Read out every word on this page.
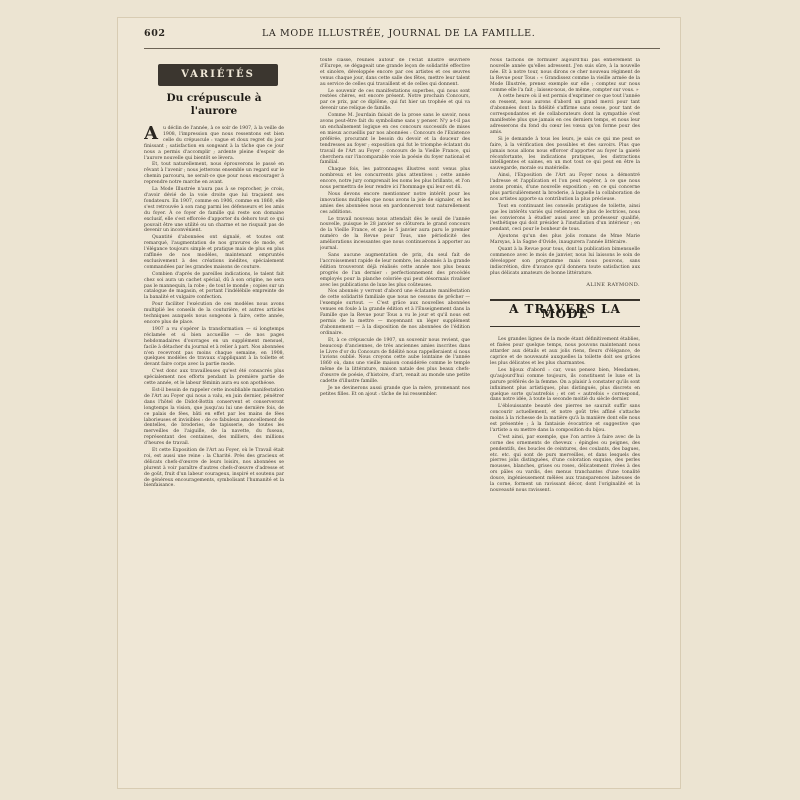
602	LA MODE ILLUSTRÉE, JOURNAL DE LA FAMILLE.
VARIÉTÉS
Du crépuscule à l'aurore
A	u déclin de l'année, à ce soir de 1907, à la veille de 1908, l'impression que nous ressentons est bien celle du crépuscule : vague et doux regret du jour finissant ; satisfaction en songeant à la tâche que ce jour nous a permis d'accomplir ; ardente pleine d'espoir de l'aurore nouvelle qui bientôt se lèvera.

Et, tout naturellement, nous éprouverons le passé en rêvant à l'avenir ; nous jetterons ensemble un regard sur le chemin parcouru, ne serait-ce que pour nous encourager à reprendre notre marche en avant.

La Mode Illustrée n'aura pas à se reprocher, je crois, d'avoir dévié de la voie droite que lui traçaient ses fondateurs. En 1907, comme en 1906, comme en 1860, elle s'est retrouvée à son rang parmi les défenseurs et les amis du foyer. À ce foyer de famille qui reste son domaine exclusif, elle s'est efforcée d'apporter du dehors tout ce qui pouvait être une utilité ou un charme et ne risquait pas de devenir un inconvénient.

Quantité d'abonnées ont signalé, et toutes ont remarqué, l'augmentation de nos gravures de mode, et l'élégance toujours simple et pratique mais de plus en plus raffinée de nos modèles, maintenant empruntés exclusivement à des créations inédites, spécialement commandées par les grandes maisons de couture.

Combien d'après de pareilles indications, le talent fait chez soi aura un cachet spécial, dû à son origine, ne sera pas le mannequin, la robe ; de tout le monde ; copies sur un catalogue de magasin, et portant l'indélébile empreinte de la banalité et vulgaire confection.

Pour faciliter l'exécution de ces modèles nous avons multiplié les conseils de la couturière, et autres articles techniques auxquels nous songeons à faire, cette année, encore plus de place.

1907 a vu s'opérer la transformation — si longtemps réclamée et si bien accueillie — de nos pages hebdomadaires d'ouvrages en un supplément mensuel, facile à détacher du journal et à relier à part. Nos abonnées n'en recevront pas moins chaque semaine, en 1908, quelques modèles de travaux s'appliquant à la toilette et devant faire corps avec la partie mode.

C'est donc aux travailleuses qu'est été consacrés plus spécialement nos efforts pendant la première partie de cette année, et le labeur féminin aura eu son apothéose.

Est-il besoin de rappeler cette inoubliable manifestation de l'Art au Foyer qui nous a valu, en juin dernier, pénétrer dans l'hôtel de Didot-Bottin conservent et conserveront longtemps la vision, que jusqu'au lui une dernière fois, de ce palais de fées, bâti en effet par les mains de fées laborieuses et invisibles : de ce fabuleux amoncellement de dentelles, de broderies, de tapisserie, de toutes les merveilles de l'aiguille, de la navette, du fuseau, représentant des centaines, des milliers, des millions d'heures de travail.

Et cette Exposition de l'Art au Foyer, où le Travail était roi, est aussi une reine : la Charité. Près des gracieux et délicats chefs-d'œuvre de leurs loisirs, nos abonnées se plurent à voir paraître d'autres chefs-d'œuvre d'adresse et de goût, fruit d'un labeur courageux, inspiré et soutenu par de généreux encouragements, symbolisant l'humanité et la bienfaisance.

toute classe, réunies autour de l'éclat illustre œuvrière d'Europe, se dégageait une grande leçon de solidarité effective et sincère, développée encore par ces artistes et ces œuvres venus chaque jour, dans cette salle des fêtes, mettre leur talent au service de celles qui travaillent et de celles qui donnent.

Le souvenir de ces manifestations superbes, qui nous sont restées chères, est encore présent. Notre prochain Concours, par ce prix, par ce diplôme, qui fut hier un trophée et qui va devenir une relique de famille.

Comme M. Jourdain faisait de la prose sans le savoir, nous avons peut-être fait du symbolisme sans y penser. N'y a-t-il pas un enchaînement logique en ces concours successifs de mises en mieux accueillis par nos abonnées : Concours de l'Existence préférée, procurant le besoin du devoir et la douceur des tendresses au foyer ; exposition qui fut le triomphe éclatant du travail de l'Art au Foyer ; concours de la Vieille France, qui cherchera sur l'incomparable voie la poésie du foyer national et familial.

Chaque fois, les patronnages illustres sont venus plus nombreux et les concurrents plus attentives ; cette année encore, notre jury comprenait les noms les plus brillants, et l'on nous permettra de leur rendre ici l'hommage qui leur est dû.

Nous devons encore mentionner notre intérêt pour les innovations multiples que nous avons la joie de signaler, et les amies des abonnées nous en pardonneront tout naturellement ces additions.

Le travail nouveau nous attendait dès le seuil de l'année nouvelle, puisque le 28 janvier se clôturera le grand concours de la Vieille France, et que le 5 janvier aura paru le premier numéro de la Revue pour Tous, une périodicité des améliorations incessantes que nous continuerons à apporter au journal.

Sans aucune augmentation de prix, du seul fait de l'accroissement rapide de leur nombre, les abonnés à la grande édition trouveront déjà réalisés cette année nos plus beaux progrès de l'an dernier : perfectionnement des procédés employés pour la planche coloriée qui peut désormais rivaliser avec les publications de luxe les plus coûteuses.

Nos abonnés y verront d'abord une éclatante manifestation de cette solidarité familiale que nous ne cessons de prêcher — l'exemple surtout. — C'est grâce aux nouvelles abonnées venues en foule à la grande édition et à l'Enseignement dans la Famille que la Revue pour Tous a vu le jour et qu'il nous est permis de la mettre — moyennant un léger supplément d'abonnement — à la disposition de nos abonnées de l'édition ordinaire.

Et, à ce crépuscule de 1907, un souvenir nous revient, que beaucoup d'anciennes, de très anciennes amies inscrites dans le Livre d'or du Concours de fidélité nous rappelleraient si nous l'avions oublié. Nous croyons cette aube lointaine de l'année 1860 où, dans une vieille maison considérée comme le temple même de la littérature, maison natale des plus beaux chefs-d'œuvre de poésie, d'histoire, d'art, venait au monde une petite cadette d'illustre famille.

Je ne devinerons aussi grande que la mère, promenant nos petites filles. Et on ajout : tâche de lui ressembler.

Nous tâchons de formuler aujourd'hui pas entièrement la nouvelle année qu'elles adressent. J'en suis sûre, à la nouvelle née. Et à notre tour, nous dirons ce cher nouveau régiment de la Revue pour Tous : « Grandissez comme la vieille armée de la Mode Illustrée, prenez exemple sur elle ; comptez sur nous comme elle l'a fait ; laissez-nous, de même, compter sur vous. »

À cette heure où il est permis d'exprimer ce que tout l'année on ressent, nous aurons d'abord un grand merci pour tant d'abonnées dont la fidélité s'affirme sans cesse, pour tant de correspondantes et de collaborateurs dont la sympathie s'est manifestée plus que jamais en ces derniers temps, et nous leur adresserons du fond du cœur les vœux qu'on forme pour des amis.

Si je demande à tous les leurs, je sais ce qui me peut se faire, à la vérification des possibles et des savoirs. Plus que jamais nous allons nous efforcer d'apporter au foyer la gaieté réconfortante, les indications pratiques, les distractions intelligentes et saines, en un mot tout ce qui peut en être la sauvegarde, morale ou matérielle.

Ainsi, l'Exposition de l'Art au Foyer nous a démontré l'adresse et l'application et l'on peut espérer, à ce que nous avons promis, d'une nouvelle exposition ; en ce qui concerne plus particulièrement la broderie, à laquelle la collaboration de nos artistes apporte sa contribution la plus précieuse.

Tout en continuant les conseils pratiques de toilette, ainsi que les intérêts variés qui retiennent le plus de lectrices, nous les convierons à étudier aussi avec un professeur qualifié, l'esthétique qui doit présider à l'installation d'un intérieur ; en pendant, ceci pour le bonheur de tous.

Ajoutons qu'un des plus jolis romans de Mme Marie Marsyas, à la Sagne d'Ovide, inaugurera l'année littéraire.

Quant à la Revue pour tous, dont la publication bimensuelle commence avec le mois de janvier, nous lui laissons le soin de développer son programme mais nous pouvons, sans indiscrétion, dire d'avance qu'il donnera toute satisfaction aux plus délicats amateurs de bonne littérature.

ALINE RAYMOND.
A TRAVERS LA MODE

Les grandes lignes de la mode étant définitivement établies, et fixées pour quelque temps, nous pouvons maintenant nous attarder aux détails et aux jolis riens, fleurs d'élégance, de caprice et de nouveauté auxquelles la toilette doit ses grâces les plus délicates et les plus charmantes.

Les bijoux d'abord : car, vous pensez bien, Mesdames, qu'aujourd'hui comme toujours, ils constituent le luxe et la parure préférés de la femme. On a plaisir à constater qu'ils sont infiniment plus artistiques, plus distingués, plus discrets en quelque sorte qu'autrefois ; et cet « autrefois » correspond, dans notre idée, à toute la seconde moitié du siècle dernier.

L'éblouissante beauté des pierres ne saurait suffir sans concourir actuellement, et notre goût très affiné s'attache moins à la richesse de la matière qu'à la manière dont elle nous est présentée ; à la fantaisie évocatrice et suggestive que l'artiste a su mettre dans la composition du bijou.

C'est ainsi, par exemple, que l'on arrive à faire avec de la corne des ornements de cheveux : épingles ou peignes, des pendentifs, des boucles de ceintures, des coulants, des bagues, etc. etc. qui sont de purs merveilles, et dans lesquels des pierres jolis distinguées, d'une coloration exquise, des perles mousses, blanches, grises ou roses, délicatement rivées à des ors pâles ou vardis, des menus tranchantes d'une tonalité douce, ingénieusement mêlées aux transparences laiteuses de la corne, forment un ravissant décor, dont l'originalité et la nouveauté nous ravissent.
